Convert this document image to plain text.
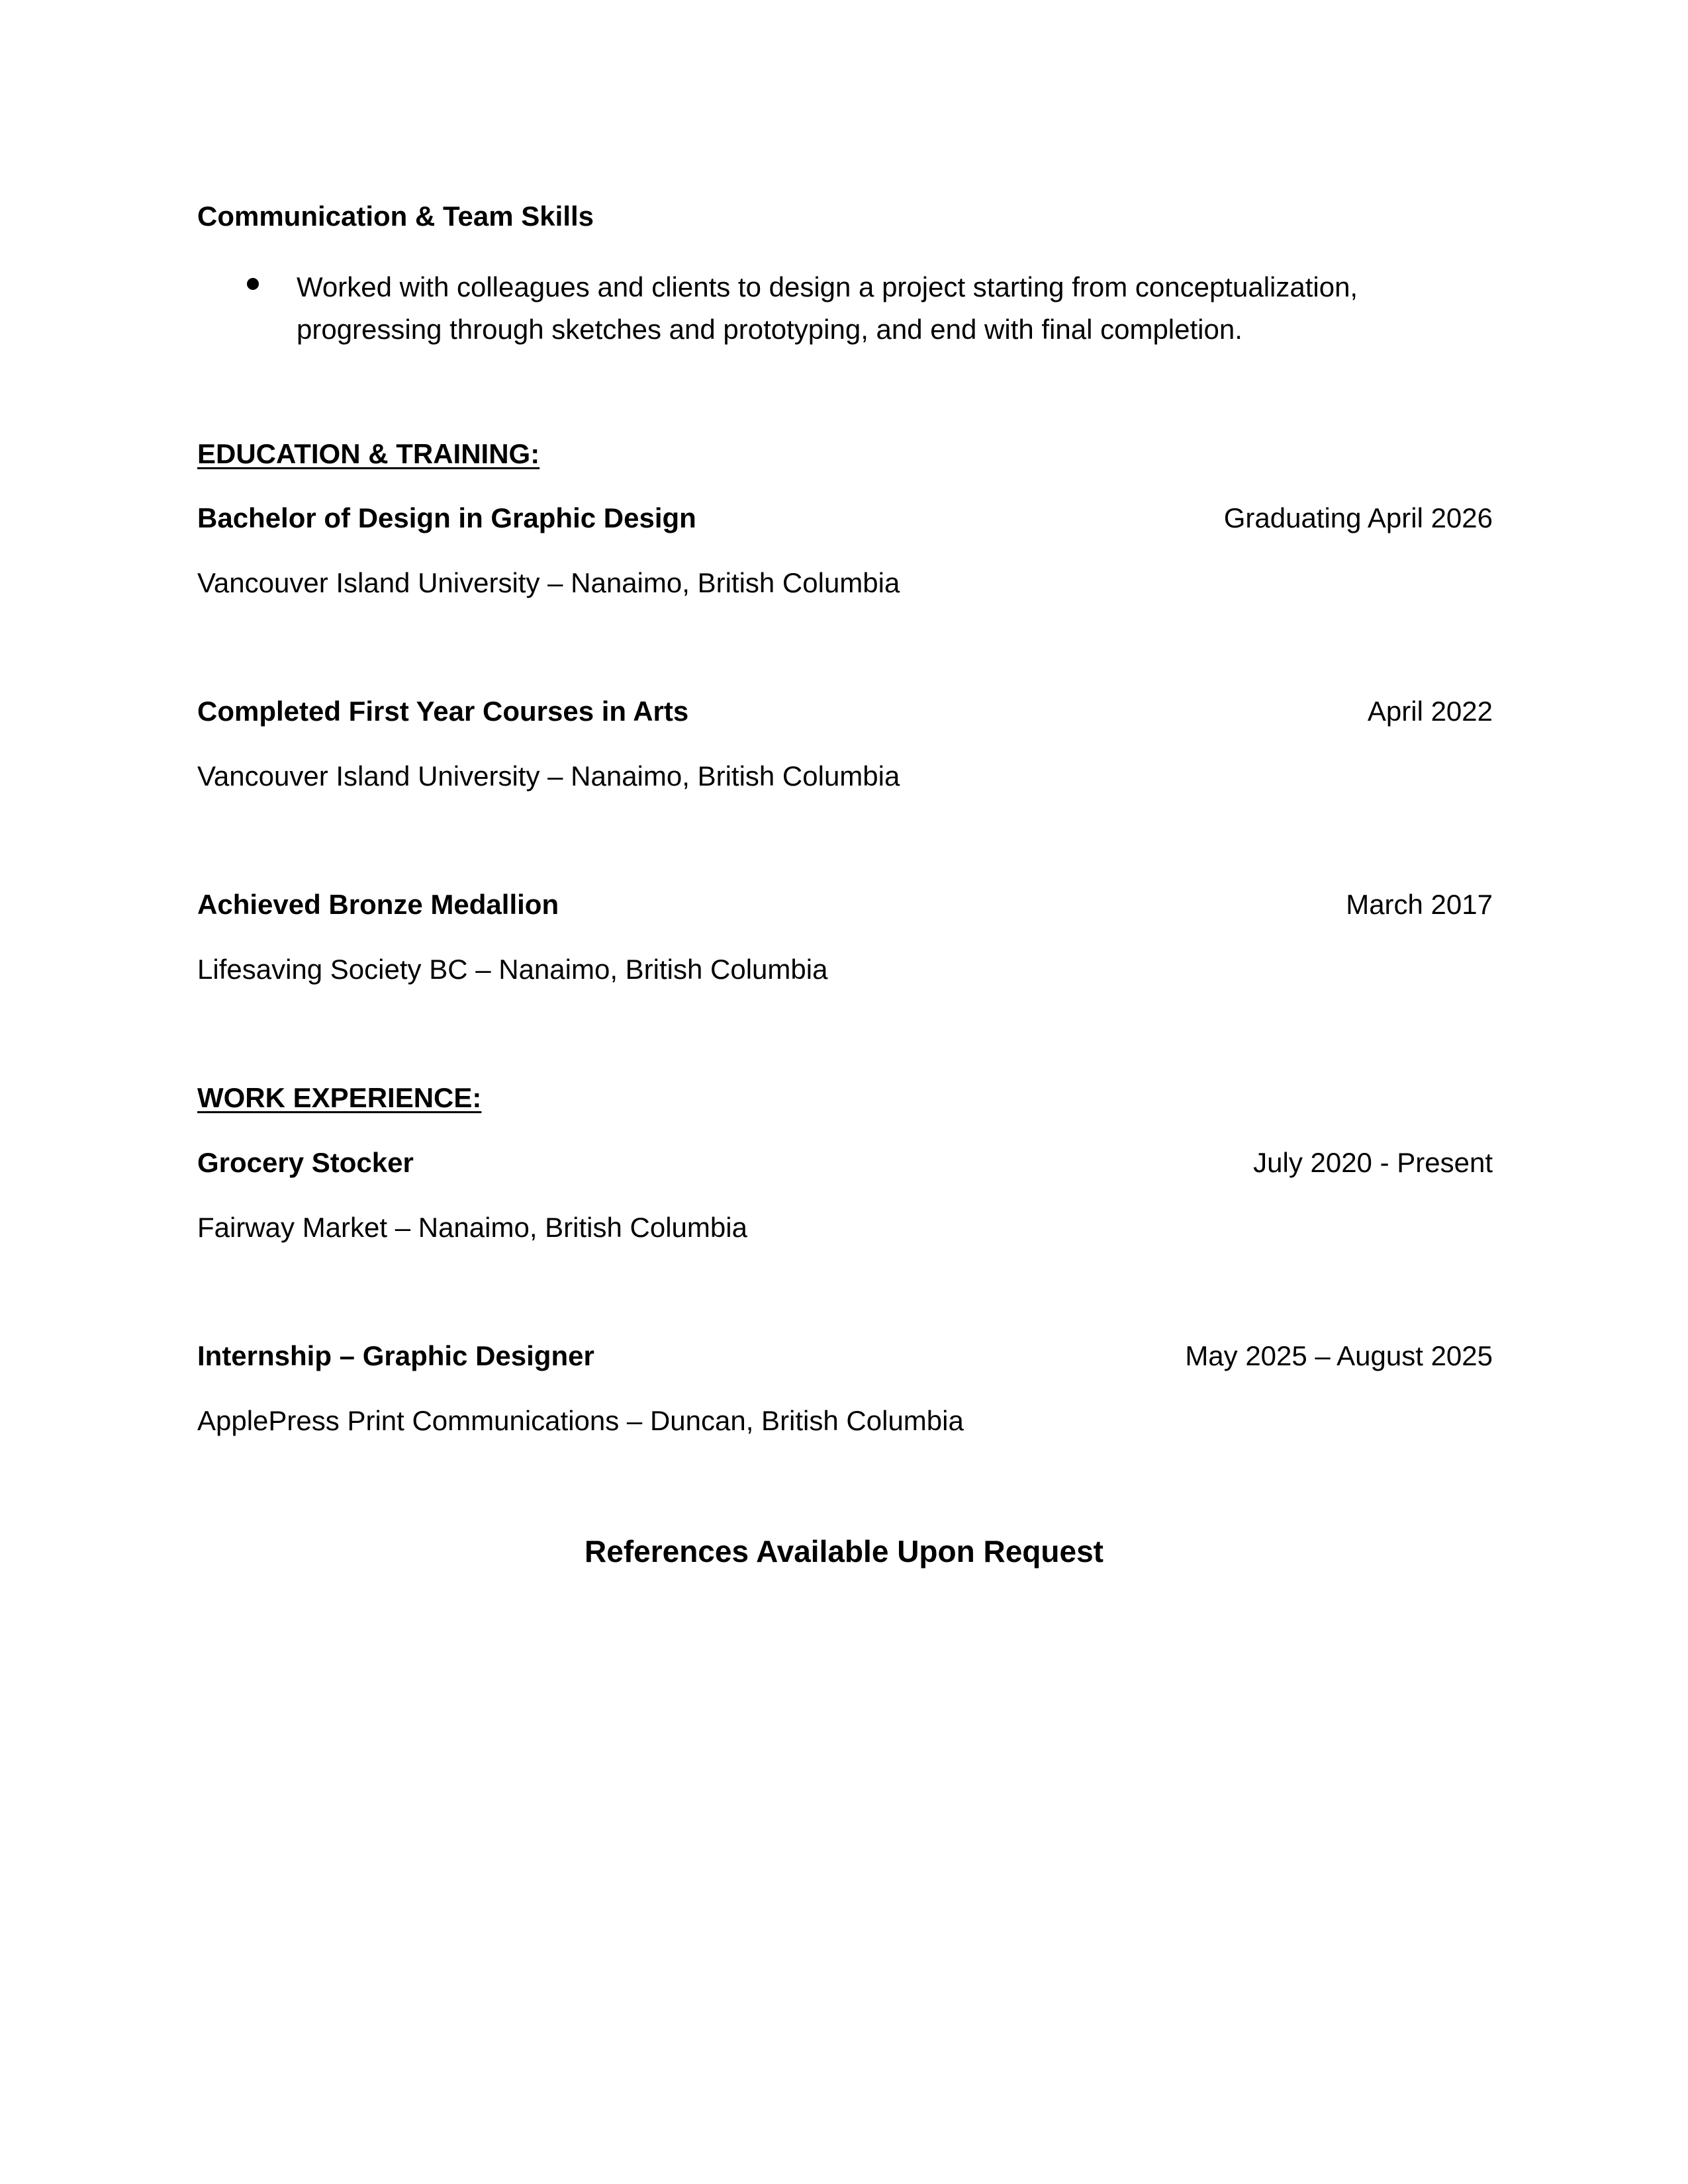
Communication & Team Skills
Worked with colleagues and clients to design a project starting from conceptualization,
progressing through sketches and prototyping, and end with final completion.
EDUCATION & TRAINING:
Bachelor of Design in Graphic Design	Graduating April 2026
Vancouver Island University – Nanaimo, British Columbia
Completed First Year Courses in Arts	April 2022
Vancouver Island University – Nanaimo, British Columbia
Achieved Bronze Medallion	March 2017
Lifesaving Society BC – Nanaimo, British Columbia
WORK EXPERIENCE:
Grocery Stocker	July 2020 - Present
Fairway Market – Nanaimo, British Columbia
Internship – Graphic Designer	May 2025 – August 2025
ApplePress Print Communications – Duncan, British Columbia
References Available Upon Request
